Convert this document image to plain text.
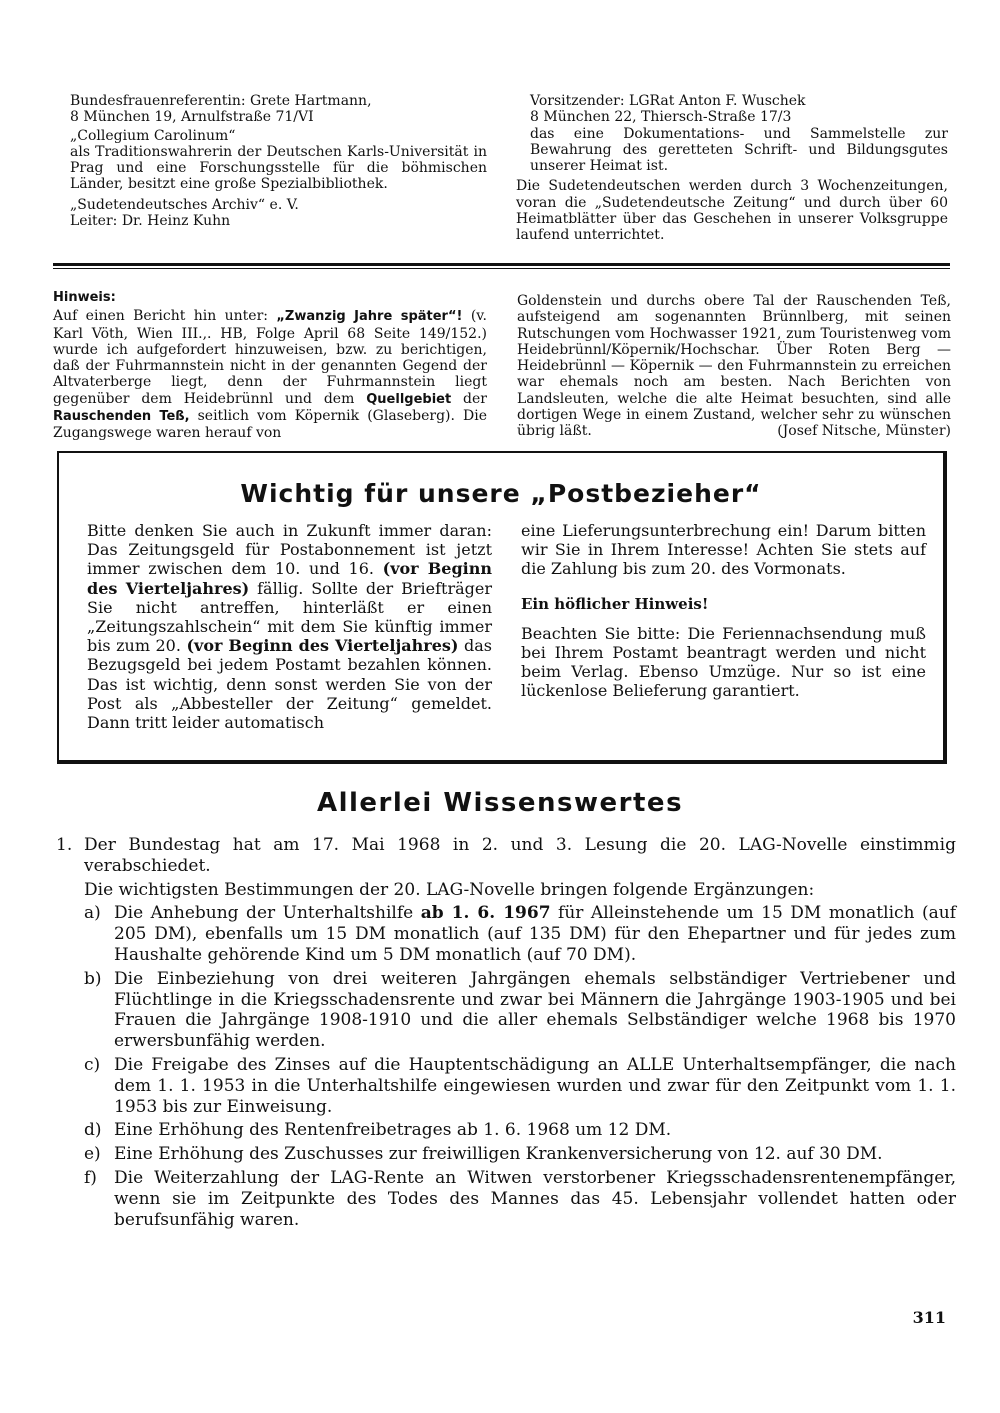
Bundesfrauenreferentin: Grete Hartmann,

8 München 19, Arnulfstraße 71/VI

„Collegium Carolinum“

als Traditionswahrerin der Deutschen Karls-Universität in Prag und eine Forschungsstelle für die böhmischen Länder, besitzt eine große Spezialbibliothek.

„Sudetendeutsches Archiv“ e. V.

Leiter: Dr. Heinz Kuhn

Vorsitzender: LGRat Anton F. Wuschek

8 München 22, Thiersch-Straße 17/3

das eine Dokumentations- und Sammelstelle zur Bewahrung des geretteten Schrift- und Bildungsgutes unserer Heimat ist.

Die Sudetendeutschen werden durch 3 Wochenzeitungen, voran die „Sudetendeutsche Zeitung“ und durch über 60 Heimatblätter über das Geschehen in unserer Volksgruppe laufend unterrichtet.

Hinweis:

Auf einen Bericht hin unter: „Zwanzig Jahre später“! (v. Karl Vöth, Wien III.,. HB, Folge April 68 Seite 149/152.) wurde ich aufgefordert hinzuweisen, bzw. zu berichtigen, daß der Fuhrmannstein nicht in der genannten Gegend der Altvaterberge liegt, denn der Fuhrmannstein liegt gegenüber dem Heidebrünnl und dem Quellgebiet der Rauschenden Teß, seitlich vom Köpernik (Glaseberg). Die Zugangswege waren herauf von

Goldenstein und durchs obere Tal der Rauschenden Teß, aufsteigend am sogenannten Brünnlberg, mit seinen Rutschungen vom Hochwasser 1921, zum Touristenweg vom Heidebrünnl/Köpernik/Hochschar. Über Roten Berg — Heidebrünnl — Köpernik — den Fuhrmannstein zu erreichen war ehemals noch am besten. Nach Berichten von Landsleuten, welche die alte Heimat besuchten, sind alle dortigen Wege in einem Zustand, welcher sehr zu wünschen übrig läßt.	(Josef Nitsche, Münster)

Wichtig für unsere „Postbezieher“

Bitte denken Sie auch in Zukunft immer daran: Das Zeitungsgeld für Postabonnement ist jetzt immer zwischen dem 10. und 16. (vor Beginn des Vierteljahres) fällig. Sollte der Briefträger Sie nicht antreffen, hinterläßt er einen „Zeitungszahlschein“ mit dem Sie künftig immer bis zum 20. (vor Beginn des Vierteljahres) das Bezugsgeld bei jedem Postamt bezahlen können. Das ist wichtig, denn sonst werden Sie von der Post als „Abbesteller der Zeitung“ gemeldet. Dann tritt leider automatisch

eine Lieferungsunterbrechung ein! Darum bitten wir Sie in Ihrem Interesse! Achten Sie stets auf die Zahlung bis zum 20. des Vormonats.

Ein höflicher Hinweis!

Beachten Sie bitte: Die Feriennachsendung muß bei Ihrem Postamt beantragt werden und nicht beim Verlag. Ebenso Umzüge. Nur so ist eine lückenlose Belieferung garantiert.

Allerlei Wissenswertes
1. Der Bundestag hat am 17. Mai 1968 in 2. und 3. Lesung die 20. LAG-Novelle einstimmig verabschiedet.
Die wichtigsten Bestimmungen der 20. LAG-Novelle bringen folgende Ergänzungen:
a) Die Anhebung der Unterhaltshilfe ab 1. 6. 1967 für Alleinstehende um 15 DM monatlich (auf 205 DM), ebenfalls um 15 DM monatlich (auf 135 DM) für den Ehepartner und für jedes zum Haushalte gehörende Kind um 5 DM monatlich (auf 70 DM).
b) Die Einbeziehung von drei weiteren Jahrgängen ehemals selbständiger Vertriebener und Flüchtlinge in die Kriegsschadensrente und zwar bei Männern die Jahrgänge 1903-1905 und bei Frauen die Jahrgänge 1908-1910 und die aller ehemals Selbständiger welche 1968 bis 1970 erwersbunfähig werden.
c) Die Freigabe des Zinses auf die Hauptentschädigung an ALLE Unterhaltsempfänger, die nach dem 1. 1. 1953 in die Unterhaltshilfe eingewiesen wurden und zwar für den Zeitpunkt vom 1. 1. 1953 bis zur Einweisung.
d) Eine Erhöhung des Rentenfreibetrages ab 1. 6. 1968 um 12 DM.
e) Eine Erhöhung des Zuschusses zur freiwilligen Krankenversicherung von 12. auf 30 DM.
f) Die Weiterzahlung der LAG-Rente an Witwen verstorbener Kriegsschadensrentenempfänger, wenn sie im Zeitpunkte des Todes des Mannes das 45. Lebensjahr vollendet hatten oder berufsunfähig waren.
311
